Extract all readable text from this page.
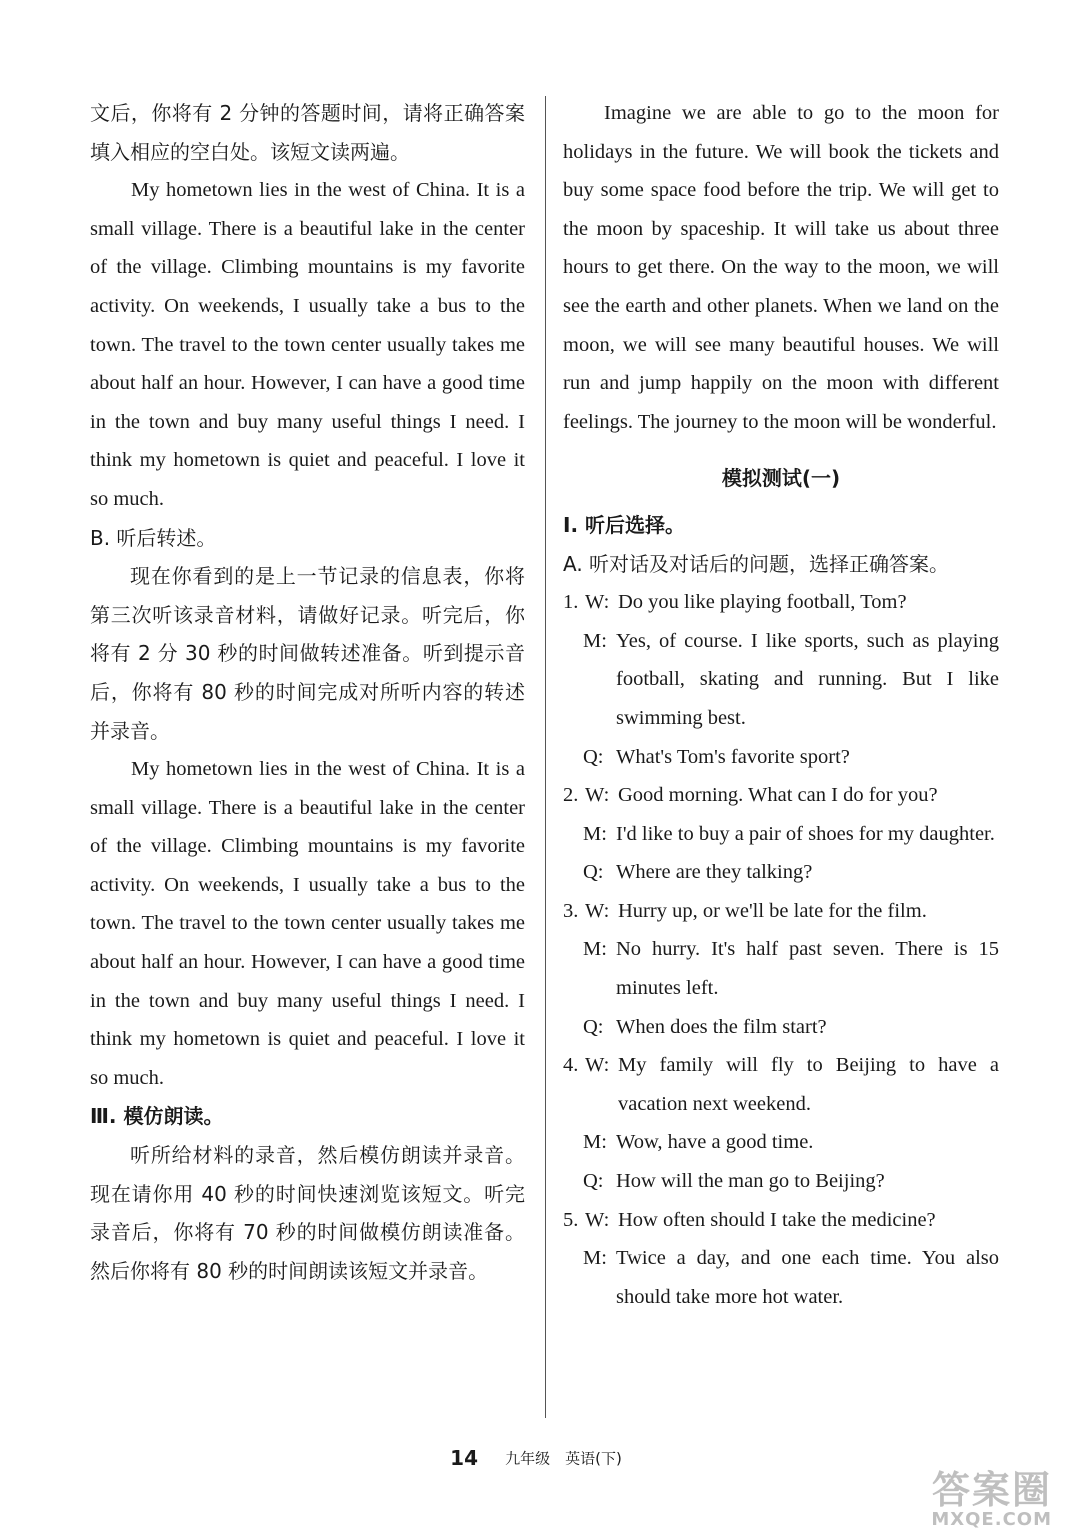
文后，你将有 2 分钟的答题时间，请将正确答案填入相应的空白处。该短文读两遍。

My hometown lies in the west of China. It is a small village. There is a beautiful lake in the center of the village. Climbing mountains is my favorite activity. On weekends, I usually take a bus to the town. The travel to the town center usually takes me about half an hour. However, I can have a good time in the town and buy many useful things I need. I think my hometown is quiet and peaceful. I love it so much.

B. 听后转述。

现在你看到的是上一节记录的信息表，你将第三次听该录音材料，请做好记录。听完后，你将有 2 分 30 秒的时间做转述准备。听到提示音后，你将有 80 秒的时间完成对所听内容的转述并录音。

My hometown lies in the west of China. It is a small village. There is a beautiful lake in the center of the village. Climbing mountains is my favorite activity. On weekends, I usually take a bus to the town. The travel to the town center usually takes me about half an hour. However, I can have a good time in the town and buy many useful things I need. I think my hometown is quiet and peaceful. I love it so much.

Ⅲ. 模仿朗读。

听所给材料的录音，然后模仿朗读并录音。现在请你用 40 秒的时间快速浏览该短文。听完录音后，你将有 70 秒的时间做模仿朗读准备。然后你将有 80 秒的时间朗读该短文并录音。

Imagine we are able to go to the moon for holidays in the future. We will book the tickets and buy some space food before the trip. We will get to the moon by spaceship. It will take us about three hours to get there. On the way to the moon, we will see the earth and other planets. When we land on the moon, we will see many beautiful houses. We will run and jump happily on the moon with different feelings. The journey to the moon will be wonderful.

模拟测试(一)

Ⅰ. 听后选择。

A. 听对话及对话后的问题，选择正确答案。

1. W: Do you like playing football, Tom?
M: Yes, of course. I like sports, such as playing football, skating and running. But I like swimming best.
Q: What's Tom's favorite sport?
2. W: Good morning. What can I do for you?
M: I'd like to buy a pair of shoes for my daughter.
Q: Where are they talking?
3. W: Hurry up, or we'll be late for the film.
M: No hurry. It's half past seven. There is 15 minutes left.
Q: When does the film start?
4. W: My family will fly to Beijing to have a vacation next weekend.
M: Wow, have a good time.
Q: How will the man go to Beijing?
5. W: How often should I take the medicine?
M: Twice a day, and one each time. You also should take more hot water.
14 九年级　英语(下)
答案圈
MXQE.COM
